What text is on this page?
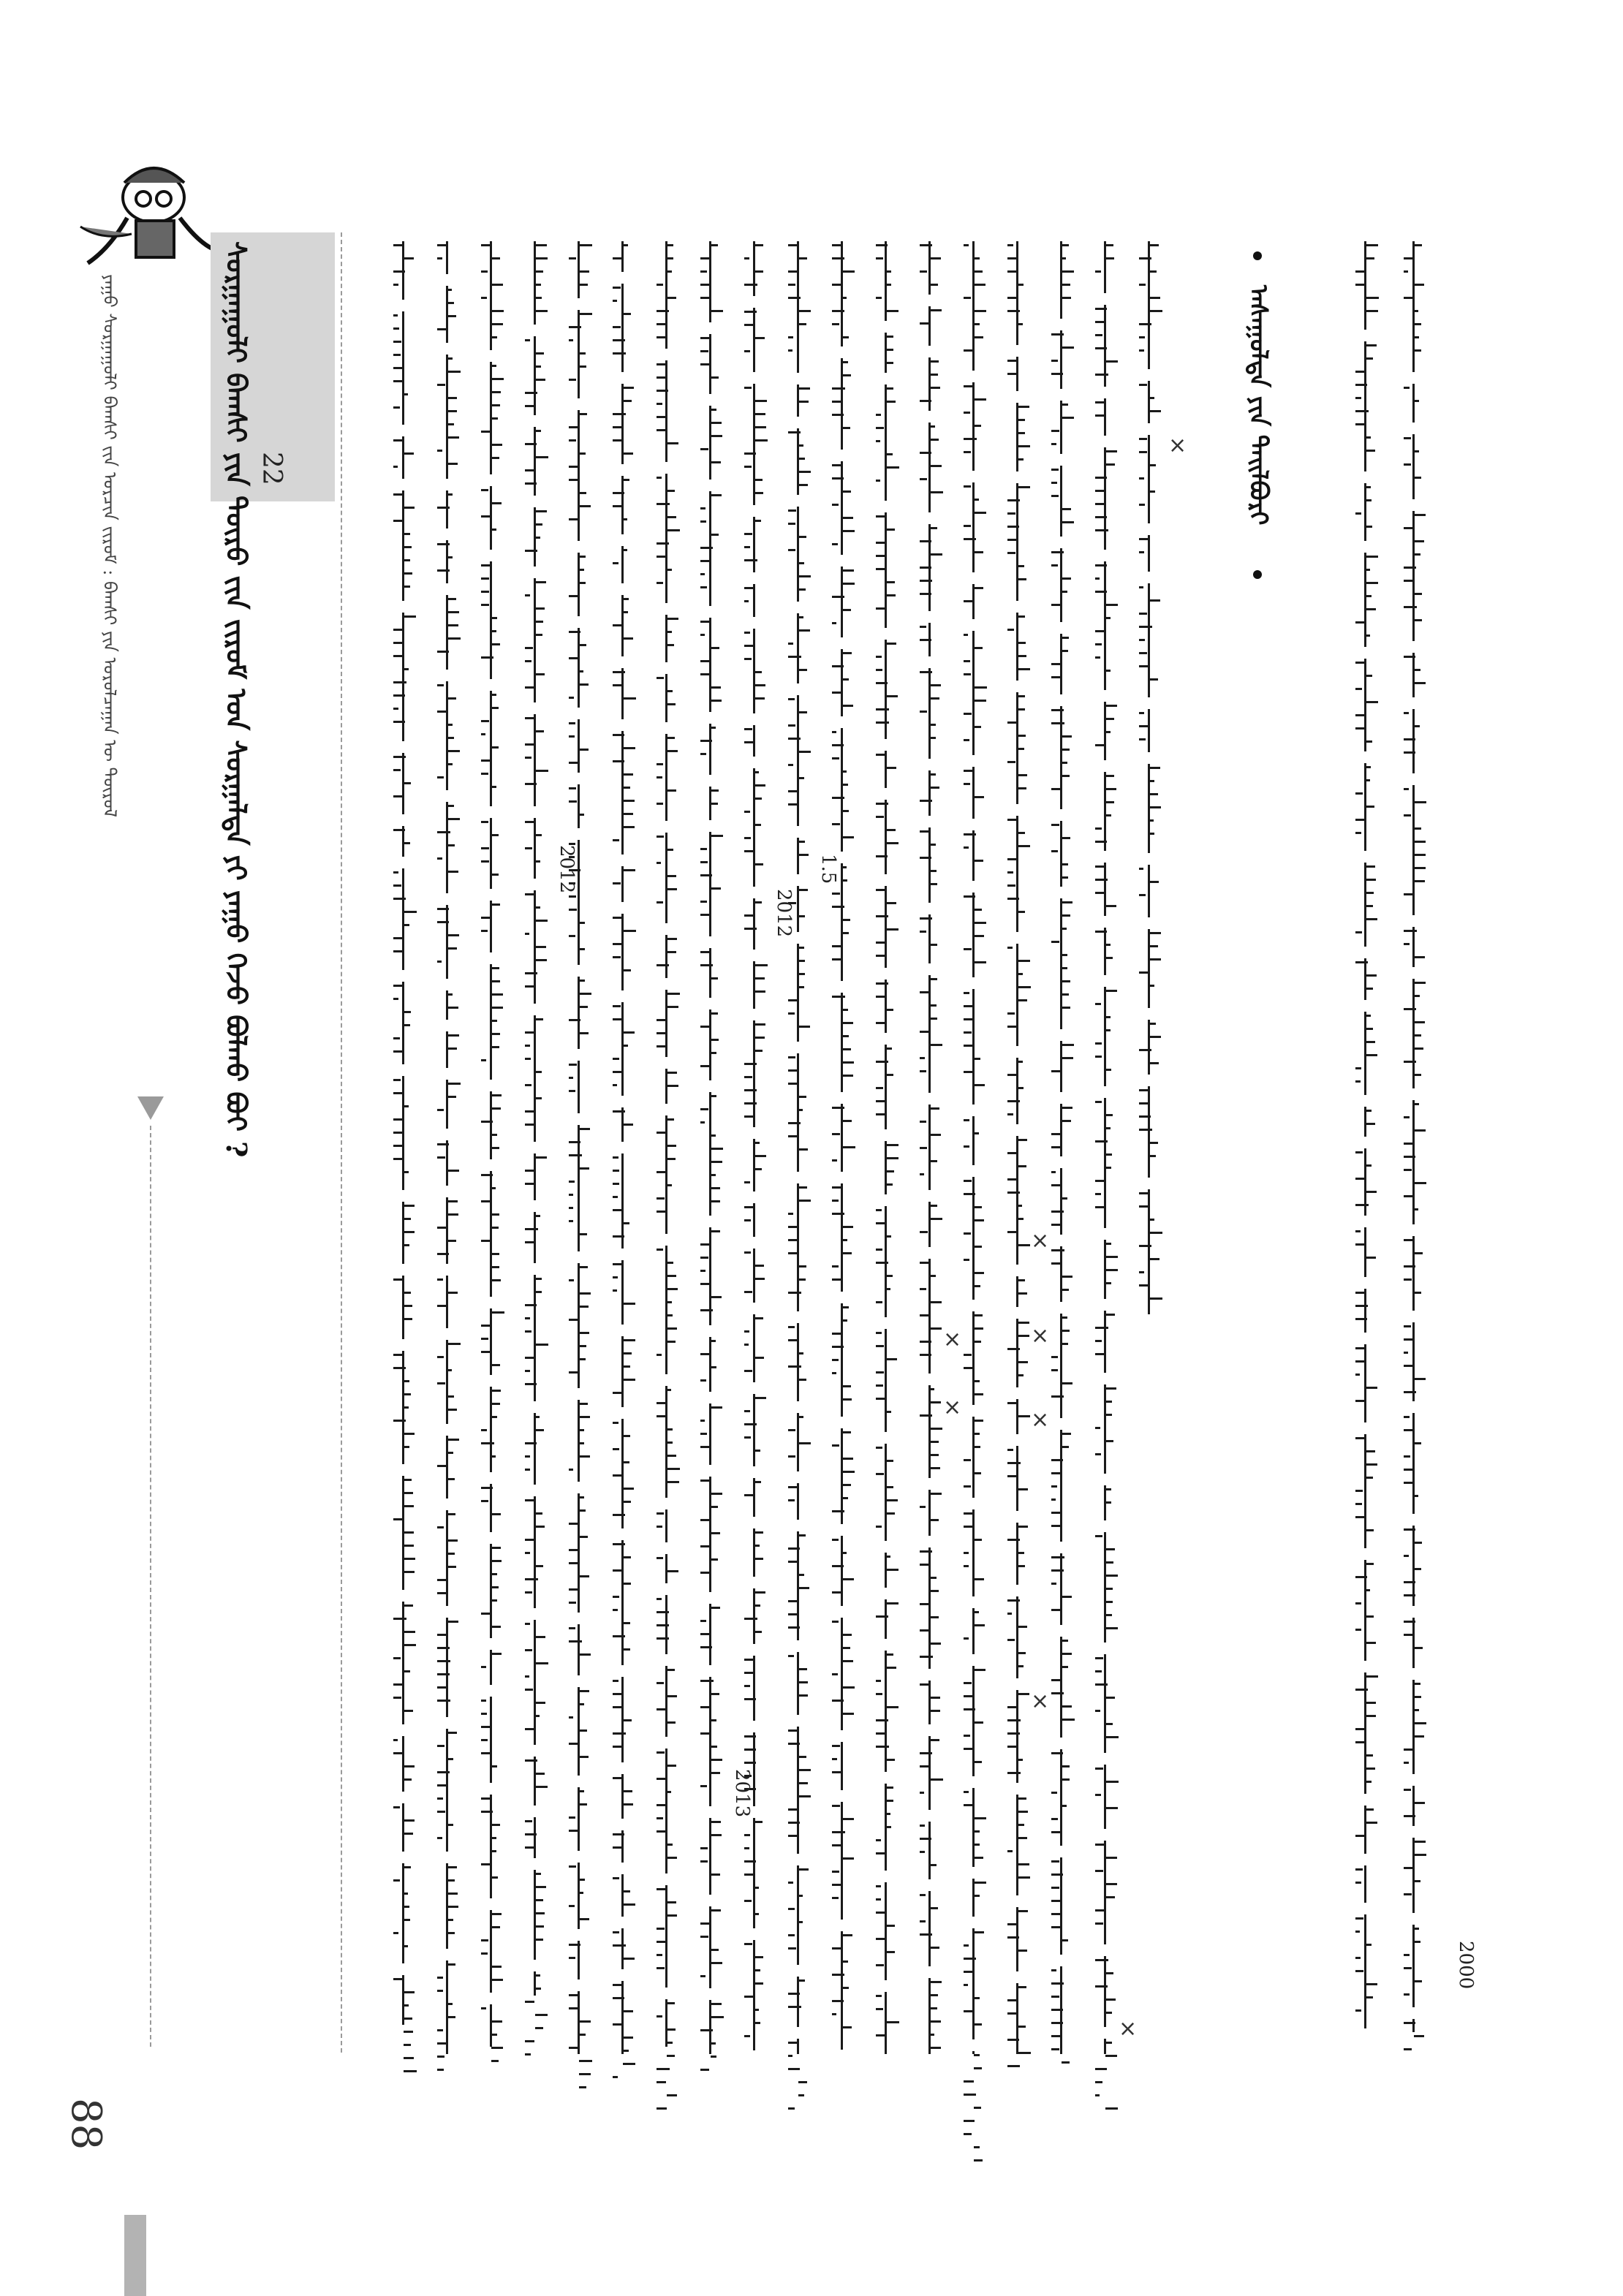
88
ᠶᠠᠭᠤ ᠰᠤᠷᠭᠠᠭᠤᠯᠢ ᠪᠠᠭᠰᠢ ᠵᠢᠨ ᠣᠷᠴᠢᠨ ᠵᠢᠷᠤᠮ : ᠪᠠᠭᠰᠢ ᠶᠢᠨ ᠤᠷᠤᠯᠴᠠᠭᠠᠨ ᠦ ᠲᠥᠷᠦᠯ	22
ᠰᠤᠷᠭᠠᠭᠤᠯᠢ ᠪᠠᠭᠰᠢ ᠶᠢᠨ ᠲᠥᠷᠦ ᠵᠢᠨ ᠵᠢᠷᠤᠮ ᠤᠨ ᠰᠤᠷᠭᠠᠯᠲᠠ ᠶᠢ ᠶᠠᠭᠤ ᠭᠡᠵᠦ ᠪᠣᠯᠬᠤ ᠪᠣᠢ ?	ᠠᠰᠠᠭᠤᠯᠲᠠ ᠶᠢᠨ ᠲᠠᠢᠯᠪᠤᠷᠢ
2000
2012
2012
1.5
2013
×
×
×
×
×
×
×
×
